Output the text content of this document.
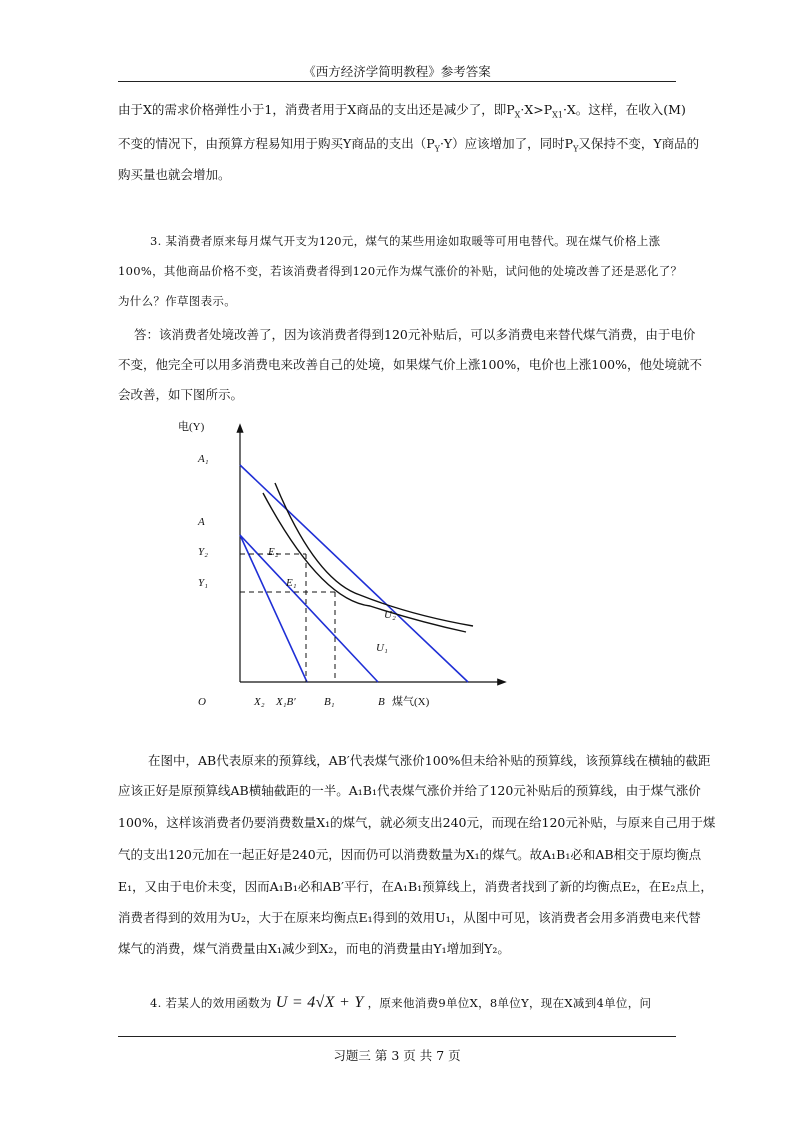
《西方经济学简明教程》参考答案
由于X的需求价格弹性小于1，消费者用于X商品的支出还是减少了，即$P_X\cdot X>P_{X1}\cdot X$。这样，在收入(M)
不变的情况下，由预算方程易知用于购买Y商品的支出$(P_Y\cdot Y)$应该增加了，同时$P_Y$又保持不变，Y商品的
购买量也就会增加。
3. 某消费者原来每月煤气开支为120元，煤气的某些用途如取暖等可用电替代。现在煤气价格上涨
100%，其他商品价格不变，若该消费者得到120元作为煤气涨价的补贴，试问他的处境改善了还是恶化了？
为什么？作草图表示。
答：该消费者处境改善了，因为该消费者得到120元补贴后，可以多消费电来替代煤气消费，由于电价
不变，他完全可以用多消费电来改善自己的处境，如果煤气价上涨100%，电价也上涨100%，他处境就不
会改善，如下图所示。
电(Y)
A₁
A
Y₂
Y₁
E₂
E₁
U₂
U₁
O	X₂ X₁B′	B₁	B 煤气(X)
在图中，AB代表原来的预算线，AB′代表煤气涨价100%但未给补贴的预算线，该预算线在横轴的截距
应该正好是原预算线AB横轴截距的一半。A₁B₁代表煤气涨价并给了120元补贴后的预算线，由于煤气涨价
100%，这样该消费者仍要消费数量X₁的煤气，就必须支出240元，而现在给120元补贴，与原来自己用于煤
气的支出120元加在一起正好是240元，因而仍可以消费数量为X₁的煤气。故A₁B₁必和AB相交于原均衡点
E₁，又由于电价未变，因而A₁B₁必和AB′平行，在A₁B₁预算线上，消费者找到了新的均衡点E₂，在E₂点上，
消费者得到的效用为U₂，大于在原来均衡点E₁得到的效用U₁，从图中可见，该消费者会用多消费电来代替
煤气的消费，煤气消费量由X₁减少到X₂，而电的消费量由Y₁增加到Y₂。
4. 若某人的效用函数为 U = 4√X + Y ，原来他消费9单位X，8单位Y，现在X减到4单位，问
习题三 第 3 页 共 7 页
